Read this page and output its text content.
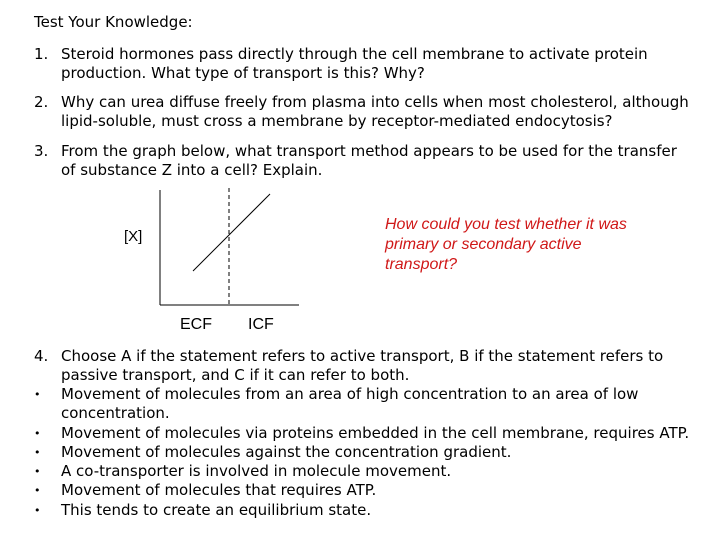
Test Your Knowledge:
1. Steroid hormones pass directly through the cell membrane to activate protein
production. What type of transport is this? Why?
2. Why can urea diffuse freely from plasma into cells when most cholesterol, although
lipid-soluble, must cross a membrane by receptor-mediated endocytosis?
3. From the graph below, what transport method appears to be used for the transfer
of substance Z into a cell? Explain.
[X]
ECF ICF
How could you test whether it was
primary or secondary active
transport?
4. Choose A if the statement refers to active transport, B if the statement refers to
passive transport, and C if it can refer to both.
• Movement of molecules from an area of high concentration to an area of low
concentration.
• Movement of molecules via proteins embedded in the cell membrane, requires ATP.
• Movement of molecules against the concentration gradient.
• A co-transporter is involved in molecule movement.
• Movement of molecules that requires ATP.
• This tends to create an equilibrium state.
